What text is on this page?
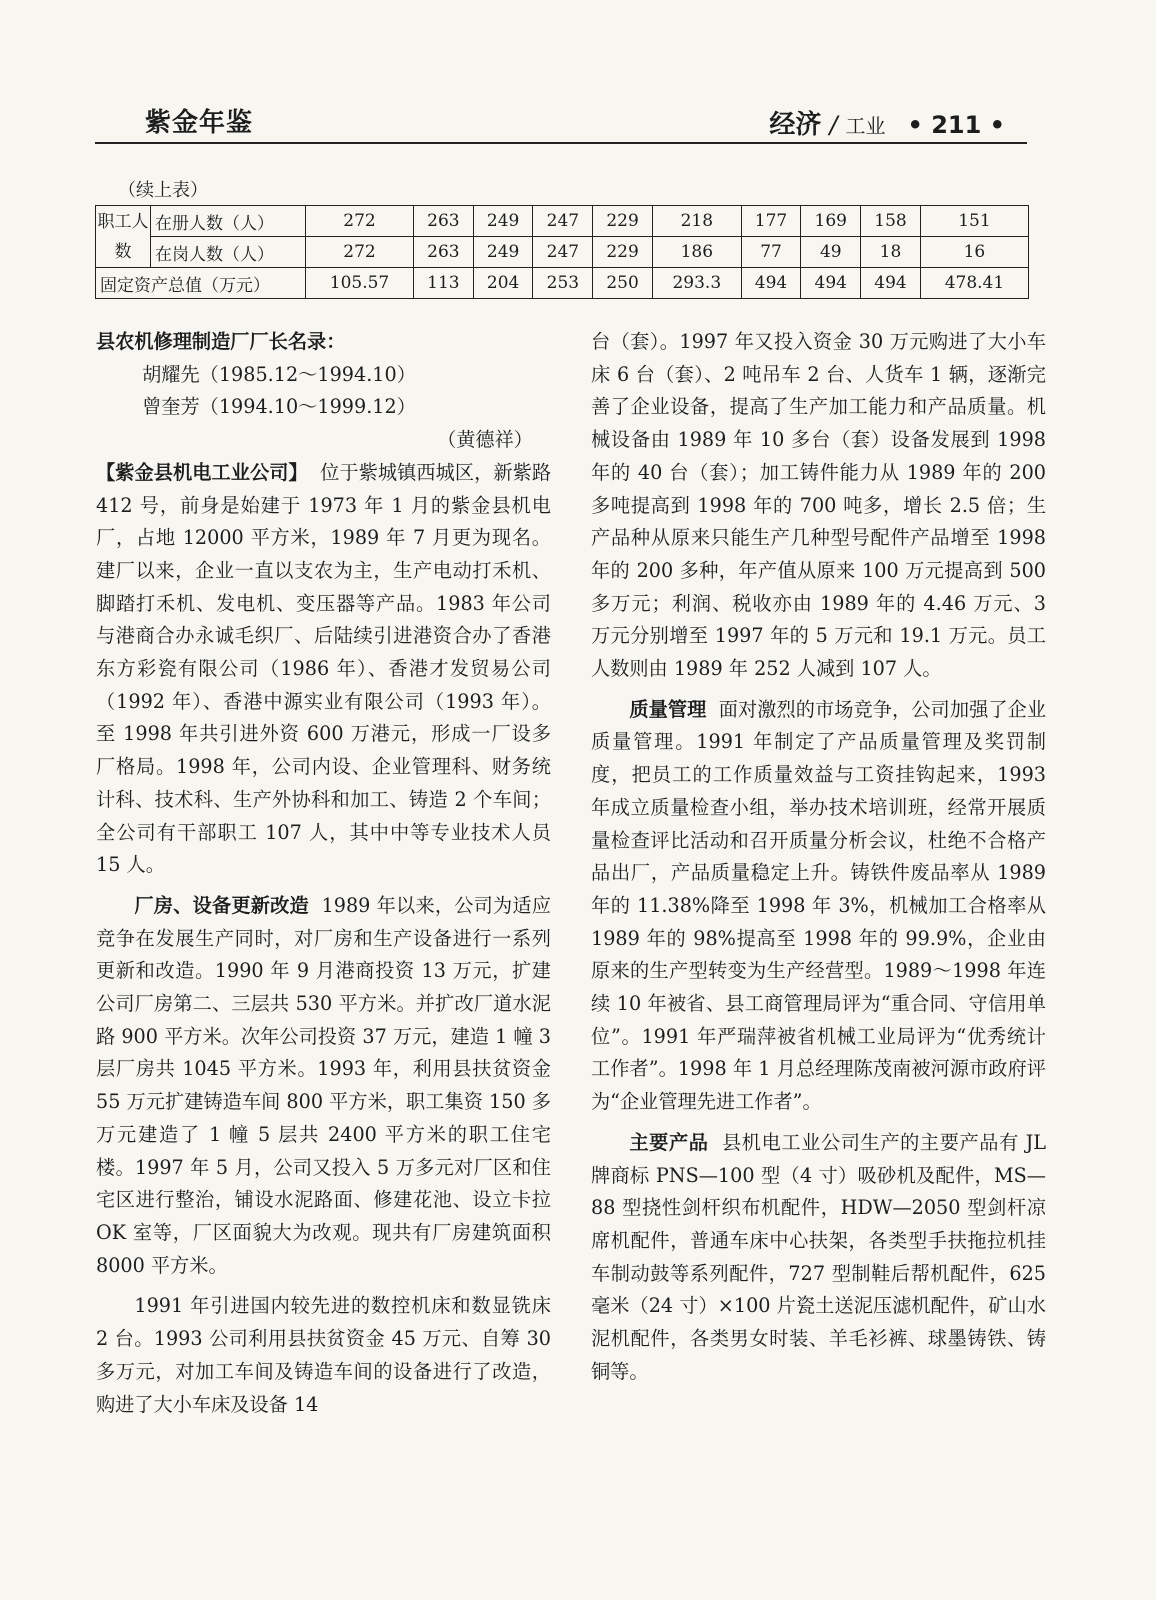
紫金年鉴	经济 / 工业 • 211 •
（续上表）
职工人数	在册人数（人）	272	263	249	247	229	218	177	169	158	151
	在岗人数（人）	272	263	249	247	229	186	77	49	18	16
固定资产总值（万元）		105.57	113	204	253	250	293.3	494	494	494	478.41

县农机修理制造厂厂长名录：

胡耀先（1985.12～1994.10）

曾奎芳（1994.10～1999.12）

（黄德祥）

【紫金县机电工业公司】 位于紫城镇西城区，新紫路 412 号，前身是始建于 1973 年 1 月的紫金县机电厂，占地 12000 平方米，1989 年 7 月更为现名。建厂以来，企业一直以支农为主，生产电动打禾机、脚踏打禾机、发电机、变压器等产品。1983 年公司与港商合办永诚毛织厂、后陆续引进港资合办了香港东方彩瓷有限公司（1986 年）、香港才发贸易公司（1992 年）、香港中源实业有限公司（1993 年）。至 1998 年共引进外资 600 万港元，形成一厂设多厂格局。1998 年，公司内设、企业管理科、财务统计科、技术科、生产外协科和加工、铸造 2 个车间；全公司有干部职工 107 人，其中中等专业技术人员 15 人。

厂房、设备更新改造 1989 年以来，公司为适应竞争在发展生产同时，对厂房和生产设备进行一系列更新和改造。1990 年 9 月港商投资 13 万元，扩建公司厂房第二、三层共 530 平方米。并扩改厂道水泥路 900 平方米。次年公司投资 37 万元，建造 1 幢 3 层厂房共 1045 平方米。1993 年，利用县扶贫资金 55 万元扩建铸造车间 800 平方米，职工集资 150 多万元建造了 1 幢 5 层共 2400 平方米的职工住宅楼。1997 年 5 月，公司又投入 5 万多元对厂区和住宅区进行整治，铺设水泥路面、修建花池、设立卡拉 OK 室等，厂区面貌大为改观。现共有厂房建筑面积 8000 平方米。

1991 年引进国内较先进的数控机床和数显铣床 2 台。1993 公司利用县扶贫资金 45 万元、自筹 30 多万元，对加工车间及铸造车间的设备进行了改造，购进了大小车床及设备 14

台（套）。1997 年又投入资金 30 万元购进了大小车床 6 台（套）、2 吨吊车 2 台、人货车 1 辆，逐渐完善了企业设备，提高了生产加工能力和产品质量。机械设备由 1989 年 10 多台（套）设备发展到 1998 年的 40 台（套）；加工铸件能力从 1989 年的 200 多吨提高到 1998 年的 700 吨多，增长 2.5 倍；生产品种从原来只能生产几种型号配件产品增至 1998 年的 200 多种，年产值从原来 100 万元提高到 500 多万元；利润、税收亦由 1989 年的 4.46 万元、3 万元分别增至 1997 年的 5 万元和 19.1 万元。员工人数则由 1989 年 252 人减到 107 人。

质量管理 面对激烈的市场竞争，公司加强了企业质量管理。1991 年制定了产品质量管理及奖罚制度，把员工的工作质量效益与工资挂钩起来，1993 年成立质量检查小组，举办技术培训班，经常开展质量检查评比活动和召开质量分析会议，杜绝不合格产品出厂，产品质量稳定上升。铸铁件废品率从 1989 年的 11.38%降至 1998 年 3%，机械加工合格率从 1989 年的 98%提高至 1998 年的 99.9%，企业由原来的生产型转变为生产经营型。1989～1998 年连续 10 年被省、县工商管理局评为“重合同、守信用单位”。1991 年严瑞萍被省机械工业局评为“优秀统计工作者”。1998 年 1 月总经理陈茂南被河源市政府评为“企业管理先进工作者”。

主要产品 县机电工业公司生产的主要产品有 JL 牌商标 PNS—100 型（4 寸）吸砂机及配件，MS—88 型挠性剑杆织布机配件，HDW—2050 型剑杆凉席机配件，普通车床中心扶架，各类型手扶拖拉机挂车制动鼓等系列配件，727 型制鞋后帮机配件，625 毫米（24 寸）×100 片瓷土送泥压滤机配件，矿山水泥机配件，各类男女时装、羊毛衫裤、球墨铸铁、铸铜等。
